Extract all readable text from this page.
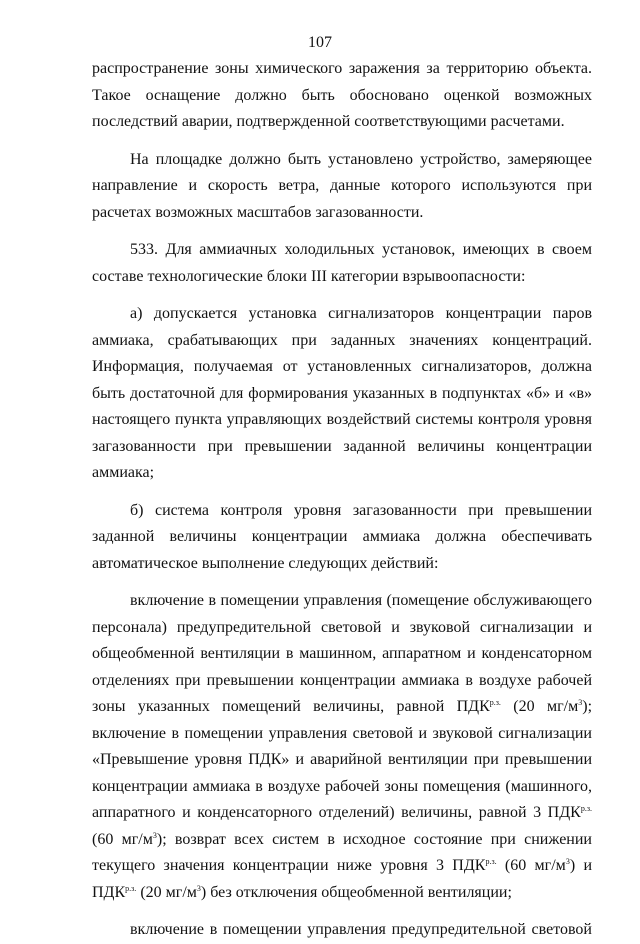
107

распространение зоны химического заражения за территорию объекта. Такое оснащение должно быть обосновано оценкой возможных последствий аварии, подтвержденной соответствующими расчетами.

На площадке должно быть установлено устройство, замеряющее направление и скорость ветра, данные которого используются при расчетах возможных масштабов загазованности.

533. Для аммиачных холодильных установок, имеющих в своем составе технологические блоки III категории взрывоопасности:

а) допускается установка сигнализаторов концентрации паров аммиака, срабатывающих при заданных значениях концентраций. Информация, получаемая от установленных сигнализаторов, должна быть достаточной для формирования указанных в подпунктах «б» и «в» настоящего пункта управляющих воздействий системы контроля уровня загазованности при превышении заданной величины концентрации аммиака;

б) система контроля уровня загазованности при превышении заданной величины концентрации аммиака должна обеспечивать автоматическое выполнение следующих действий:

включение в помещении управления (помещение обслуживающего персонала) предупредительной световой и звуковой сигнализации и общеобменной вентиляции в машинном, аппаратном и конденсаторном отделениях при превышении концентрации аммиака в воздухе рабочей зоны указанных помещений величины, равной $ПДК^{р.з.}$ (20 $мг/м^3$); включение в помещении управления световой и звуковой сигнализации «Превышение уровня ПДК» и аварийной вентиляции при превышении концентрации аммиака в воздухе рабочей зоны помещения (машинного, аппаратного и конденсаторного отделений) величины, равной 3 $ПДК^{р.з.}(60$ $мг/м^3$); возврат всех систем в исходное состояние при снижении текущего значения концентрации ниже уровня 3 $ПДК^{р.з.}$ (60 $мг/м^3$) и $ПДК^{р.з.}$ (20 $мг/м^3$) без отключения общеобменной вентиляции;

включение в помещении управления предупредительной световой
